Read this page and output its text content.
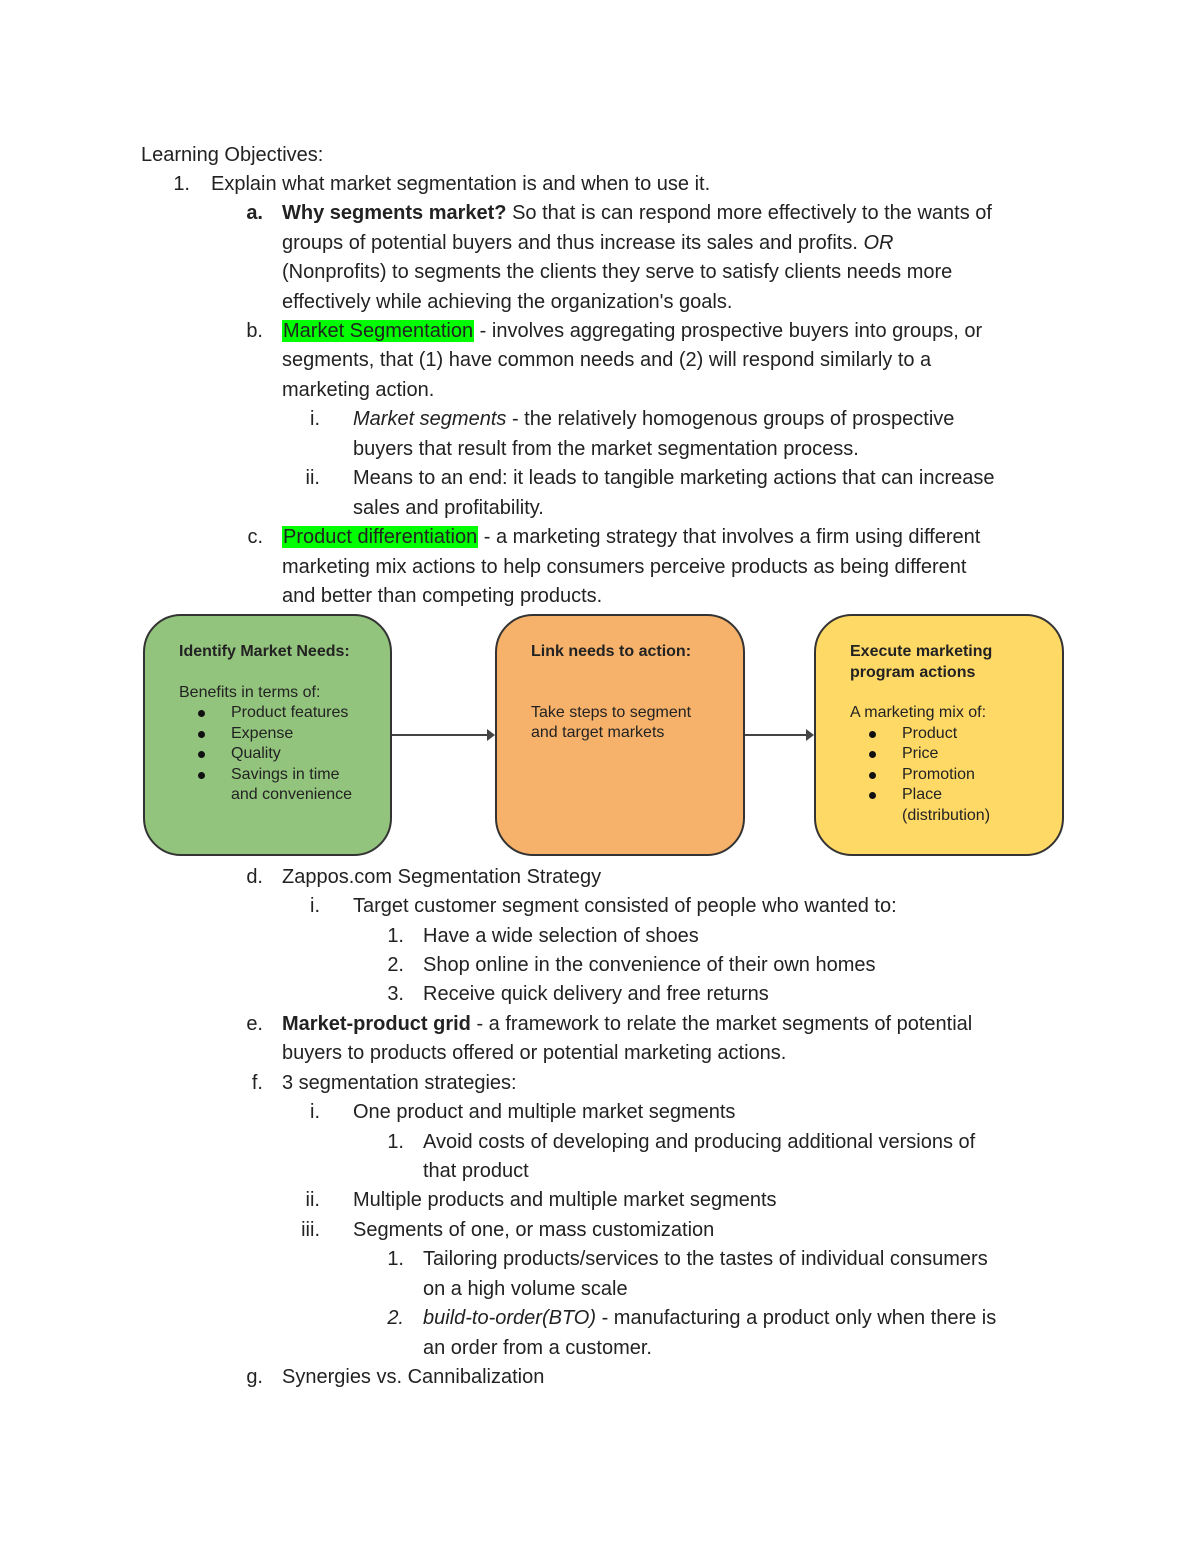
Learning Objectives:
1. Explain what market segmentation is and when to use it.
a. Why segments market? So that is can respond more effectively to the wants of
groups of potential buyers and thus increase its sales and profits. OR
(Nonprofits) to segments the clients they serve to satisfy clients needs more
effectively while achieving the organization's goals.
b. Market Segmentation - involves aggregating prospective buyers into groups, or
segments, that (1) have common needs and (2) will respond similarly to a
marketing action.
i. Market segments - the relatively homogenous groups of prospective
buyers that result from the market segmentation process.
ii. Means to an end: it leads to tangible marketing actions that can increase
sales and profitability.
c. Product differentiation - a marketing strategy that involves a firm using different
marketing mix actions to help consumers perceive products as being different
and better than competing products.
Identify Market Needs:
Benefits in terms of:
Product features
Expense
Quality
Savings in time
and convenience
Link needs to action:
Take steps to segment
and target markets
Execute marketing
program actions
A marketing mix of:
Product
Price
Promotion
Place
(distribution)
d. Zappos.com Segmentation Strategy
i. Target customer segment consisted of people who wanted to:
1. Have a wide selection of shoes
2. Shop online in the convenience of their own homes
3. Receive quick delivery and free returns
e. Market-product grid - a framework to relate the market segments of potential
buyers to products offered or potential marketing actions.
f. 3 segmentation strategies:
i. One product and multiple market segments
1. Avoid costs of developing and producing additional versions of
that product
ii. Multiple products and multiple market segments
iii. Segments of one, or mass customization
1. Tailoring products/services to the tastes of individual consumers
on a high volume scale
2. build-to-order(BTO) - manufacturing a product only when there is
an order from a customer.
g. Synergies vs. Cannibalization
